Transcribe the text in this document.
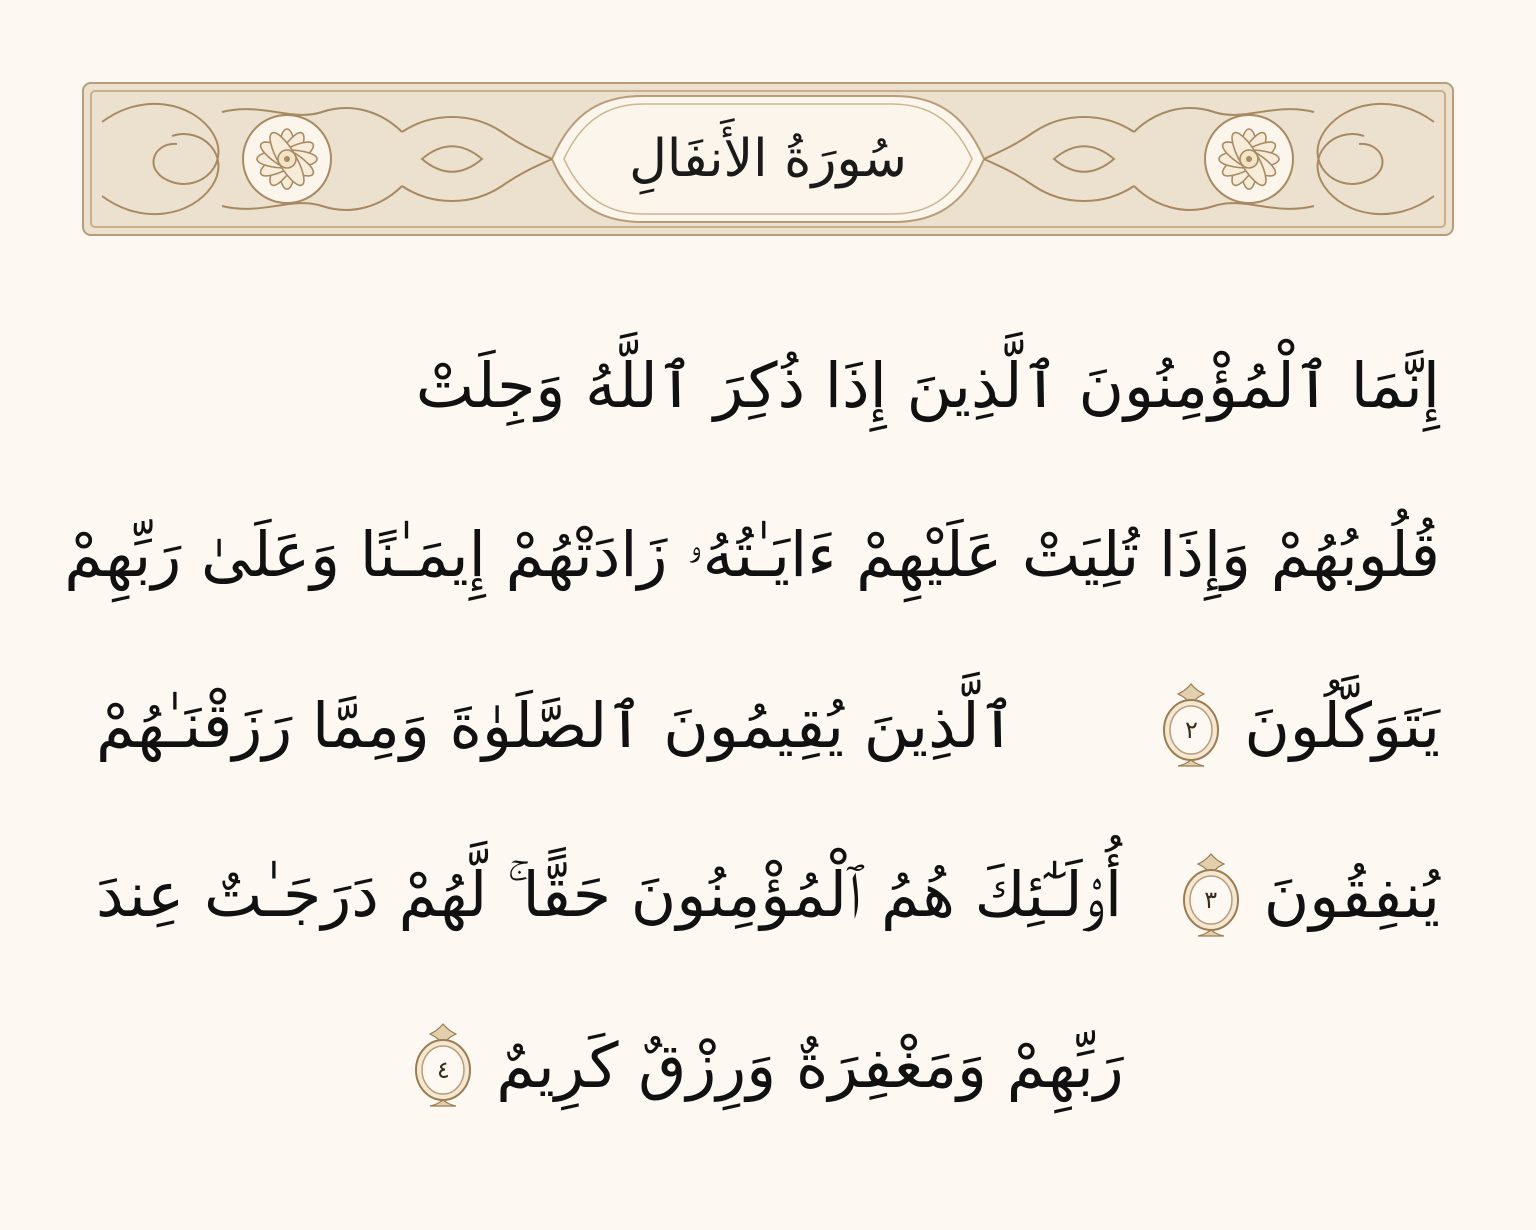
سُورَةُ الأَنفَالِ
إِنَّمَا ٱلْمُؤْمِنُونَ ٱلَّذِينَ إِذَا ذُكِرَ ٱللَّهُ وَجِلَتْ
قُلُوبُهُمْ وَإِذَا تُلِيَتْ عَلَيْهِمْ ءَايَـٰتُهُۥ زَادَتْهُمْ إِيمَـٰنًا وَعَلَىٰ رَبِّهِمْ
يَتَوَكَّلُونَ
٢
ٱلَّذِينَ يُقِيمُونَ ٱلصَّلَوٰةَ وَمِمَّا رَزَقْنَـٰهُمْ
يُنفِقُونَ
٣
أُو۟لَـٰٓئِكَ هُمُ ٱلْمُؤْمِنُونَ حَقًّا ۚ لَّهُمْ دَرَجَـٰتٌ عِندَ
رَبِّهِمْ وَمَغْفِرَةٌ وَرِزْقٌ كَرِيمٌ
٤
